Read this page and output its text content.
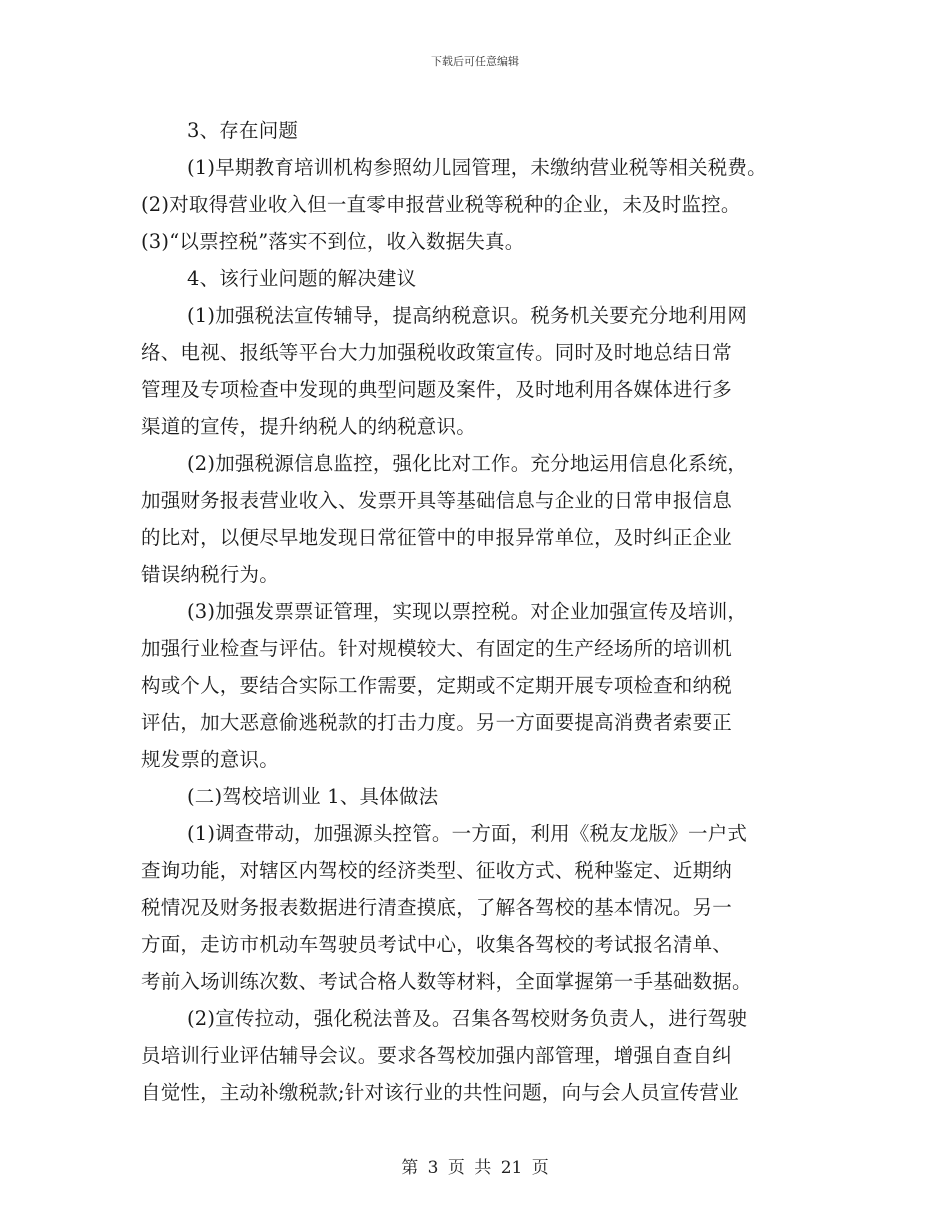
下载后可任意编辑
3、存在问题
(1)早期教育培训机构参照幼儿园管理，未缴纳营业税等相关税费。
(2)对取得营业收入但一直零申报营业税等税种的企业，未及时监控。
(3)“以票控税”落实不到位，收入数据失真。
4、该行业问题的解决建议
(1)加强税法宣传辅导，提高纳税意识。税务机关要充分地利用网
络、电视、报纸等平台大力加强税收政策宣传。同时及时地总结日常
管理及专项检查中发现的典型问题及案件，及时地利用各媒体进行多
渠道的宣传，提升纳税人的纳税意识。
(2)加强税源信息监控，强化比对工作。充分地运用信息化系统，
加强财务报表营业收入、发票开具等基础信息与企业的日常申报信息
的比对，以便尽早地发现日常征管中的申报异常单位，及时纠正企业
错误纳税行为。
(3)加强发票票证管理，实现以票控税。对企业加强宣传及培训，
加强行业检查与评估。针对规模较大、有固定的生产经场所的培训机
构或个人，要结合实际工作需要，定期或不定期开展专项检查和纳税
评估，加大恶意偷逃税款的打击力度。另一方面要提高消费者索要正
规发票的意识。
(二)驾校培训业 1、具体做法
(1)调查带动，加强源头控管。一方面，利用《税友龙版》一户式
查询功能，对辖区内驾校的经济类型、征收方式、税种鉴定、近期纳
税情况及财务报表数据进行清查摸底，了解各驾校的基本情况。另一
方面，走访市机动车驾驶员考试中心，收集各驾校的考试报名清单、
考前入场训练次数、考试合格人数等材料，全面掌握第一手基础数据。
(2)宣传拉动，强化税法普及。召集各驾校财务负责人，进行驾驶
员培训行业评估辅导会议。要求各驾校加强内部管理，增强自查自纠
自觉性，主动补缴税款;针对该行业的共性问题，向与会人员宣传营业
第 3 页 共 21 页
